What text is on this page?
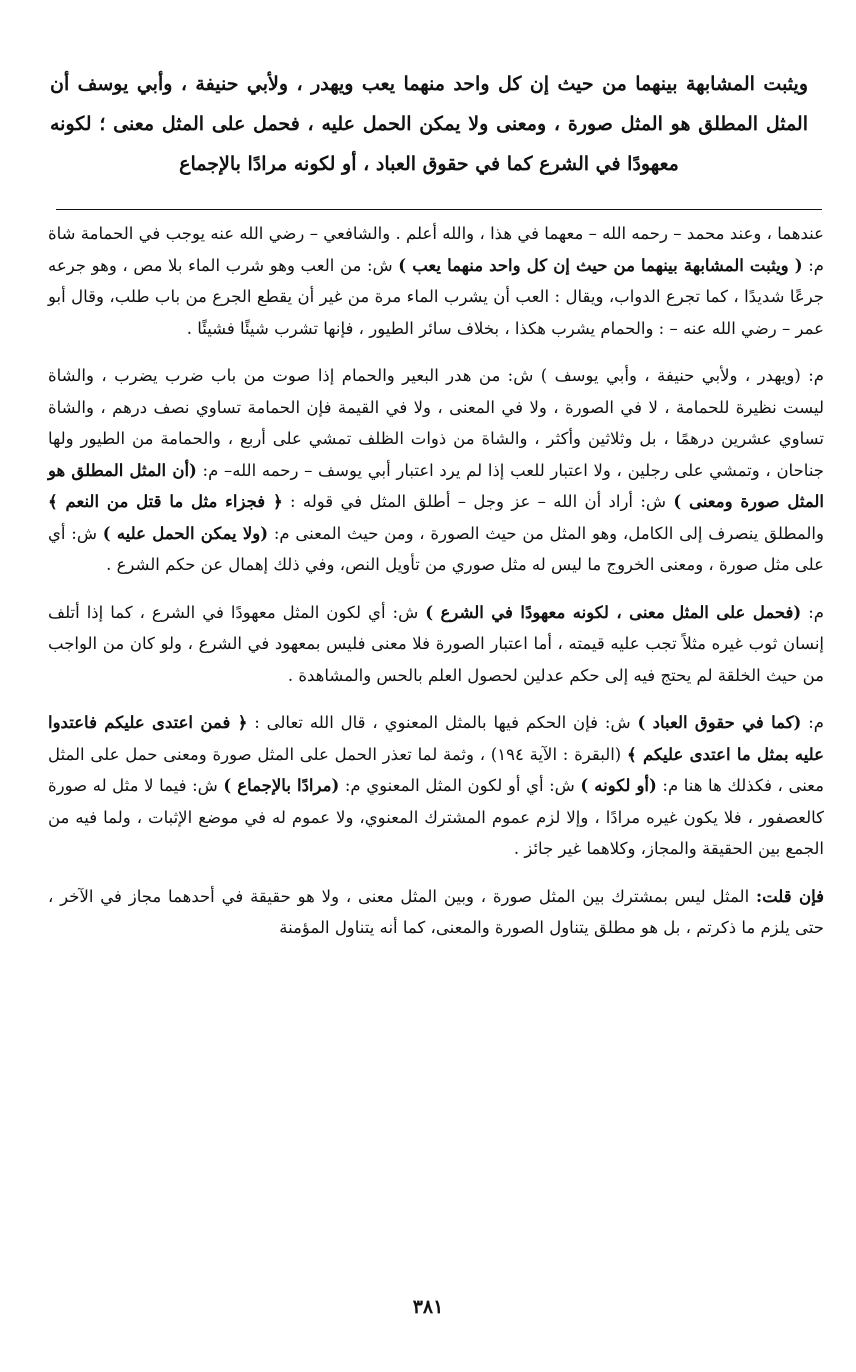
ويثبت المشابهة بينهما من حيث إن كل واحد منهما يعب ويهدر ، ولأبي حنيفة ، وأبي يوسف أن المثل المطلق هو المثل صورة ، ومعنى ولا يمكن الحمل عليه ، فحمل على المثل معنى ؛ لكونه معهودًا في الشرع كما في حقوق العباد ، أو لكونه مرادًا بالإجماع

عندهما ، وعند محمد – رحمه الله – معهما في هذا ، والله أعلم . والشافعي – رضي الله عنه يوجب في الحمامة شاة م: ( ويثبت المشابهة بينهما من حيث إن كل واحد منهما يعب ) ش: من العب وهو شرب الماء بلا مص ، وهو جرعه جرعًا شديدًا ، كما تجرع الدواب، ويقال : العب أن يشرب الماء مرة من غير أن يقطع الجرع من باب طلب، وقال أبو عمر – رضي الله عنه – : والحمام يشرب هكذا ، بخلاف سائر الطيور ، فإنها تشرب شيئًا فشيئًا .

م: (ويهدر ، ولأبي حنيفة ، وأبي يوسف ) ش: من هدر البعير والحمام إذا صوت من باب ضرب يضرب ، والشاة ليست نظيرة للحمامة ، لا في الصورة ، ولا في المعنى ، ولا في القيمة فإن الحمامة تساوي نصف درهم ، والشاة تساوي عشرين درهمًا ، بل وثلاثين وأكثر ، والشاة من ذوات الظلف تمشي على أربع ، والحمامة من الطيور ولها جناحان ، وتمشي على رجلين ، ولا اعتبار للعب إذا لم يرد اعتبار أبي يوسف – رحمه الله– م: (أن المثل المطلق هو المثل صورة ومعنى ) ش: أراد أن الله – عز وجل – أطلق المثل في قوله : ﴿ فجزاء مثل ما قتل من النعم ﴾ والمطلق ينصرف إلى الكامل، وهو المثل من حيث الصورة ، ومن حيث المعنى م: (ولا يمكن الحمل عليه ) ش: أي على مثل صورة ، ومعنى الخروج ما ليس له مثل صوري من تأويل النص، وفي ذلك إهمال عن حكم الشرع .

م: (فحمل على المثل معنى ، لكونه معهودًا في الشرع ) ش: أي لكون المثل معهودًا في الشرع ، كما إذا أتلف إنسان ثوب غيره مثلاً تجب عليه قيمته ، أما اعتبار الصورة فلا معنى فليس بمعهود في الشرع ، ولو كان من الواجب من حيث الخلقة لم يحتج فيه إلى حكم عدلين لحصول العلم بالحس والمشاهدة .

م: (كما في حقوق العباد ) ش: فإن الحكم فيها بالمثل المعنوي ، قال الله تعالى : ﴿ فمن اعتدى عليكم فاعتدوا عليه بمثل ما اعتدى عليكم ﴾ (البقرة : الآية ١٩٤) ، وثمة لما تعذر الحمل على المثل صورة ومعنى حمل على المثل معنى ، فكذلك ها هنا م: (أو لكونه ) ش: أي أو لكون المثل المعنوي م: (مرادًا بالإجماع ) ش: فيما لا مثل له صورة كالعصفور ، فلا يكون غيره مرادًا ، وإلا لزم عموم المشترك المعنوي، ولا عموم له في موضع الإثبات ، ولما فيه من الجمع بين الحقيقة والمجاز، وكلاهما غير جائز .

فإن قلت: المثل ليس بمشترك بين المثل صورة ، وبين المثل معنى ، ولا هو حقيقة في أحدهما مجاز في الآخر ، حتى يلزم ما ذكرتم ، بل هو مطلق يتناول الصورة والمعنى، كما أنه يتناول المؤمنة

٣٨١
